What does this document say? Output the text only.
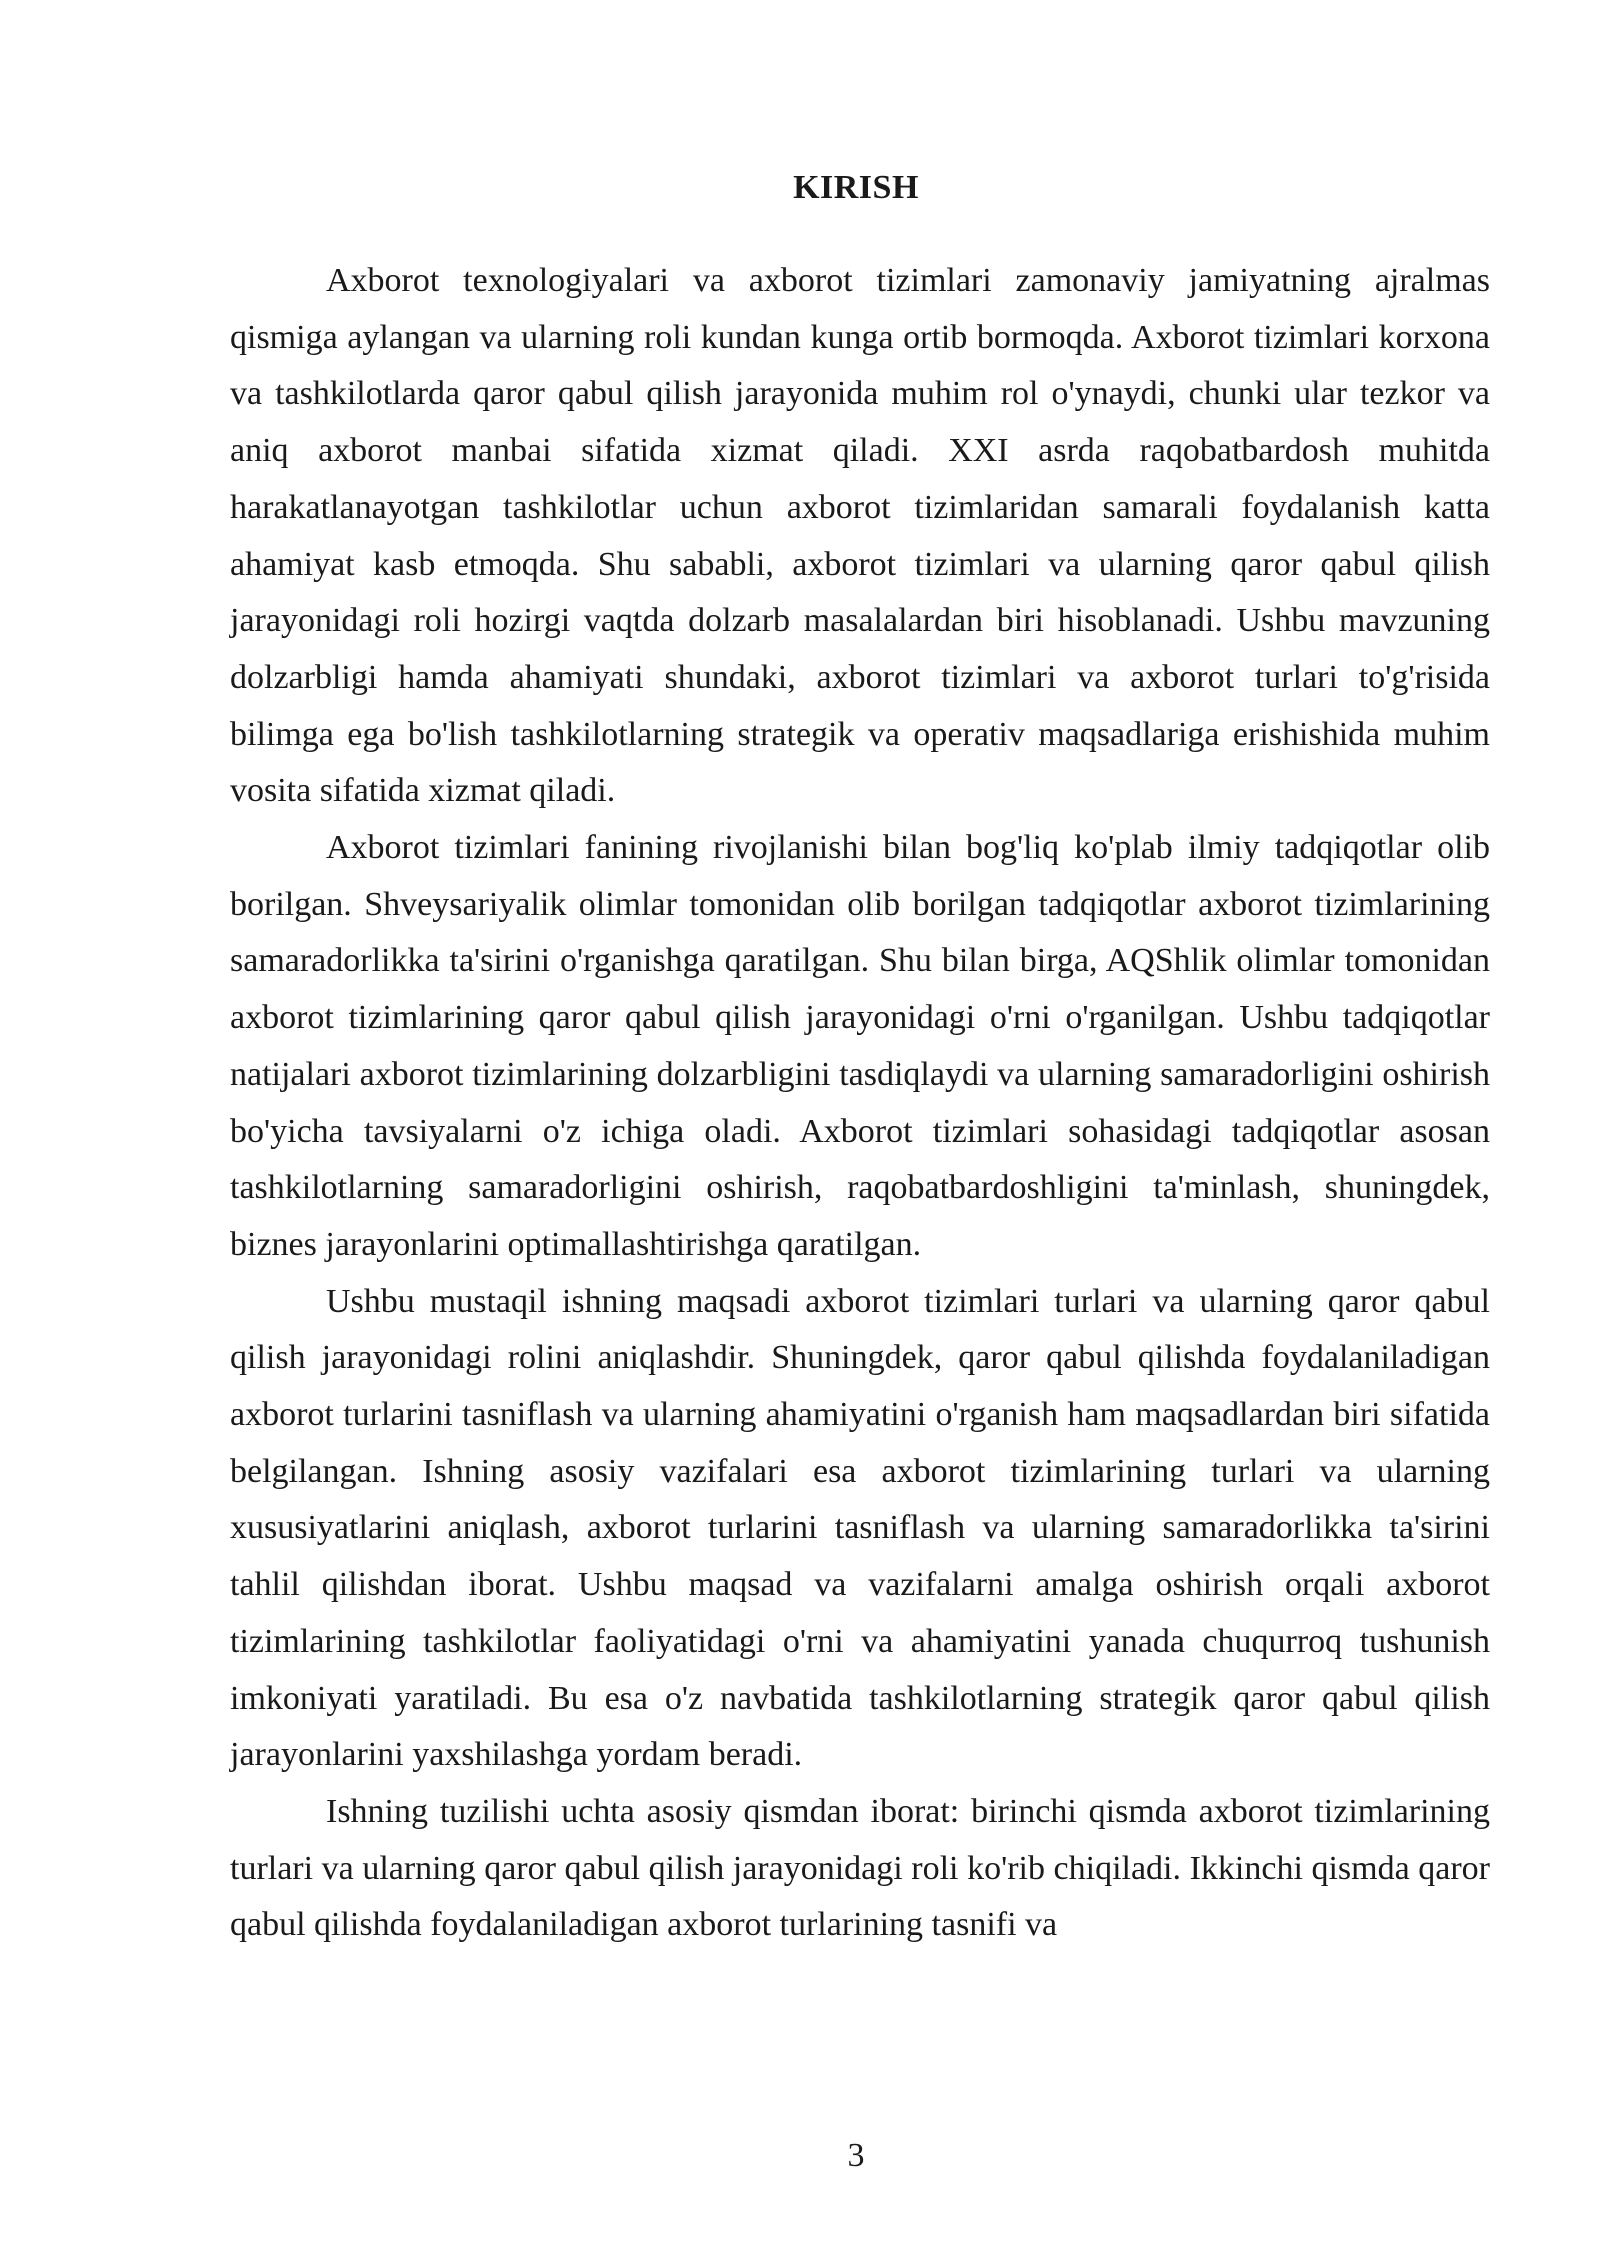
KIRISH

Axborot texnologiyalari va axborot tizimlari zamonaviy jamiyatning ajralmas qismiga aylangan va ularning roli kundan kunga ortib bormoqda. Axborot tizimlari korxona va tashkilotlarda qaror qabul qilish jarayonida muhim rol o'ynaydi, chunki ular tezkor va aniq axborot manbai sifatida xizmat qiladi. XXI asrda raqobatbardosh muhitda harakatlanayotgan tashkilotlar uchun axborot tizimlaridan samarali foydalanish katta ahamiyat kasb etmoqda. Shu sababli, axborot tizimlari va ularning qaror qabul qilish jarayonidagi roli hozirgi vaqtda dolzarb masalalardan biri hisoblanadi. Ushbu mavzuning dolzarbligi hamda ahamiyati shundaki, axborot tizimlari va axborot turlari to'g'risida bilimga ega bo'lish tashkilotlarning strategik va operativ maqsadlariga erishishida muhim vosita sifatida xizmat qiladi.

Axborot tizimlari fanining rivojlanishi bilan bog'liq ko'plab ilmiy tadqiqotlar olib borilgan. Shveysariyalik olimlar tomonidan olib borilgan tadqiqotlar axborot tizimlarining samaradorlikka ta'sirini o'rganishga qaratilgan. Shu bilan birga, AQShlik olimlar tomonidan axborot tizimlarining qaror qabul qilish jarayonidagi o'rni o'rganilgan. Ushbu tadqiqotlar natijalari axborot tizimlarining dolzarbligini tasdiqlaydi va ularning samaradorligini oshirish bo'yicha tavsiyalarni o'z ichiga oladi. Axborot tizimlari sohasidagi tadqiqotlar asosan tashkilotlarning samaradorligini oshirish, raqobatbardoshligini ta'minlash, shuningdek, biznes jarayonlarini optimallashtirishga qaratilgan.

Ushbu mustaqil ishning maqsadi axborot tizimlari turlari va ularning qaror qabul qilish jarayonidagi rolini aniqlashdir. Shuningdek, qaror qabul qilishda foydalaniladigan axborot turlarini tasniflash va ularning ahamiyatini o'rganish ham maqsadlardan biri sifatida belgilangan. Ishning asosiy vazifalari esa axborot tizimlarining turlari va ularning xususiyatlarini aniqlash, axborot turlarini tasniflash va ularning samaradorlikka ta'sirini tahlil qilishdan iborat. Ushbu maqsad va vazifalarni amalga oshirish orqali axborot tizimlarining tashkilotlar faoliyatidagi o'rni va ahamiyatini yanada chuqurroq tushunish imkoniyati yaratiladi. Bu esa o'z navbatida tashkilotlarning strategik qaror qabul qilish jarayonlarini yaxshilashga yordam beradi.

Ishning tuzilishi uchta asosiy qismdan iborat: birinchi qismda axborot tizimlarining turlari va ularning qaror qabul qilish jarayonidagi roli ko'rib chiqiladi. Ikkinchi qismda qaror qabul qilishda foydalaniladigan axborot turlarining tasnifi va

3
